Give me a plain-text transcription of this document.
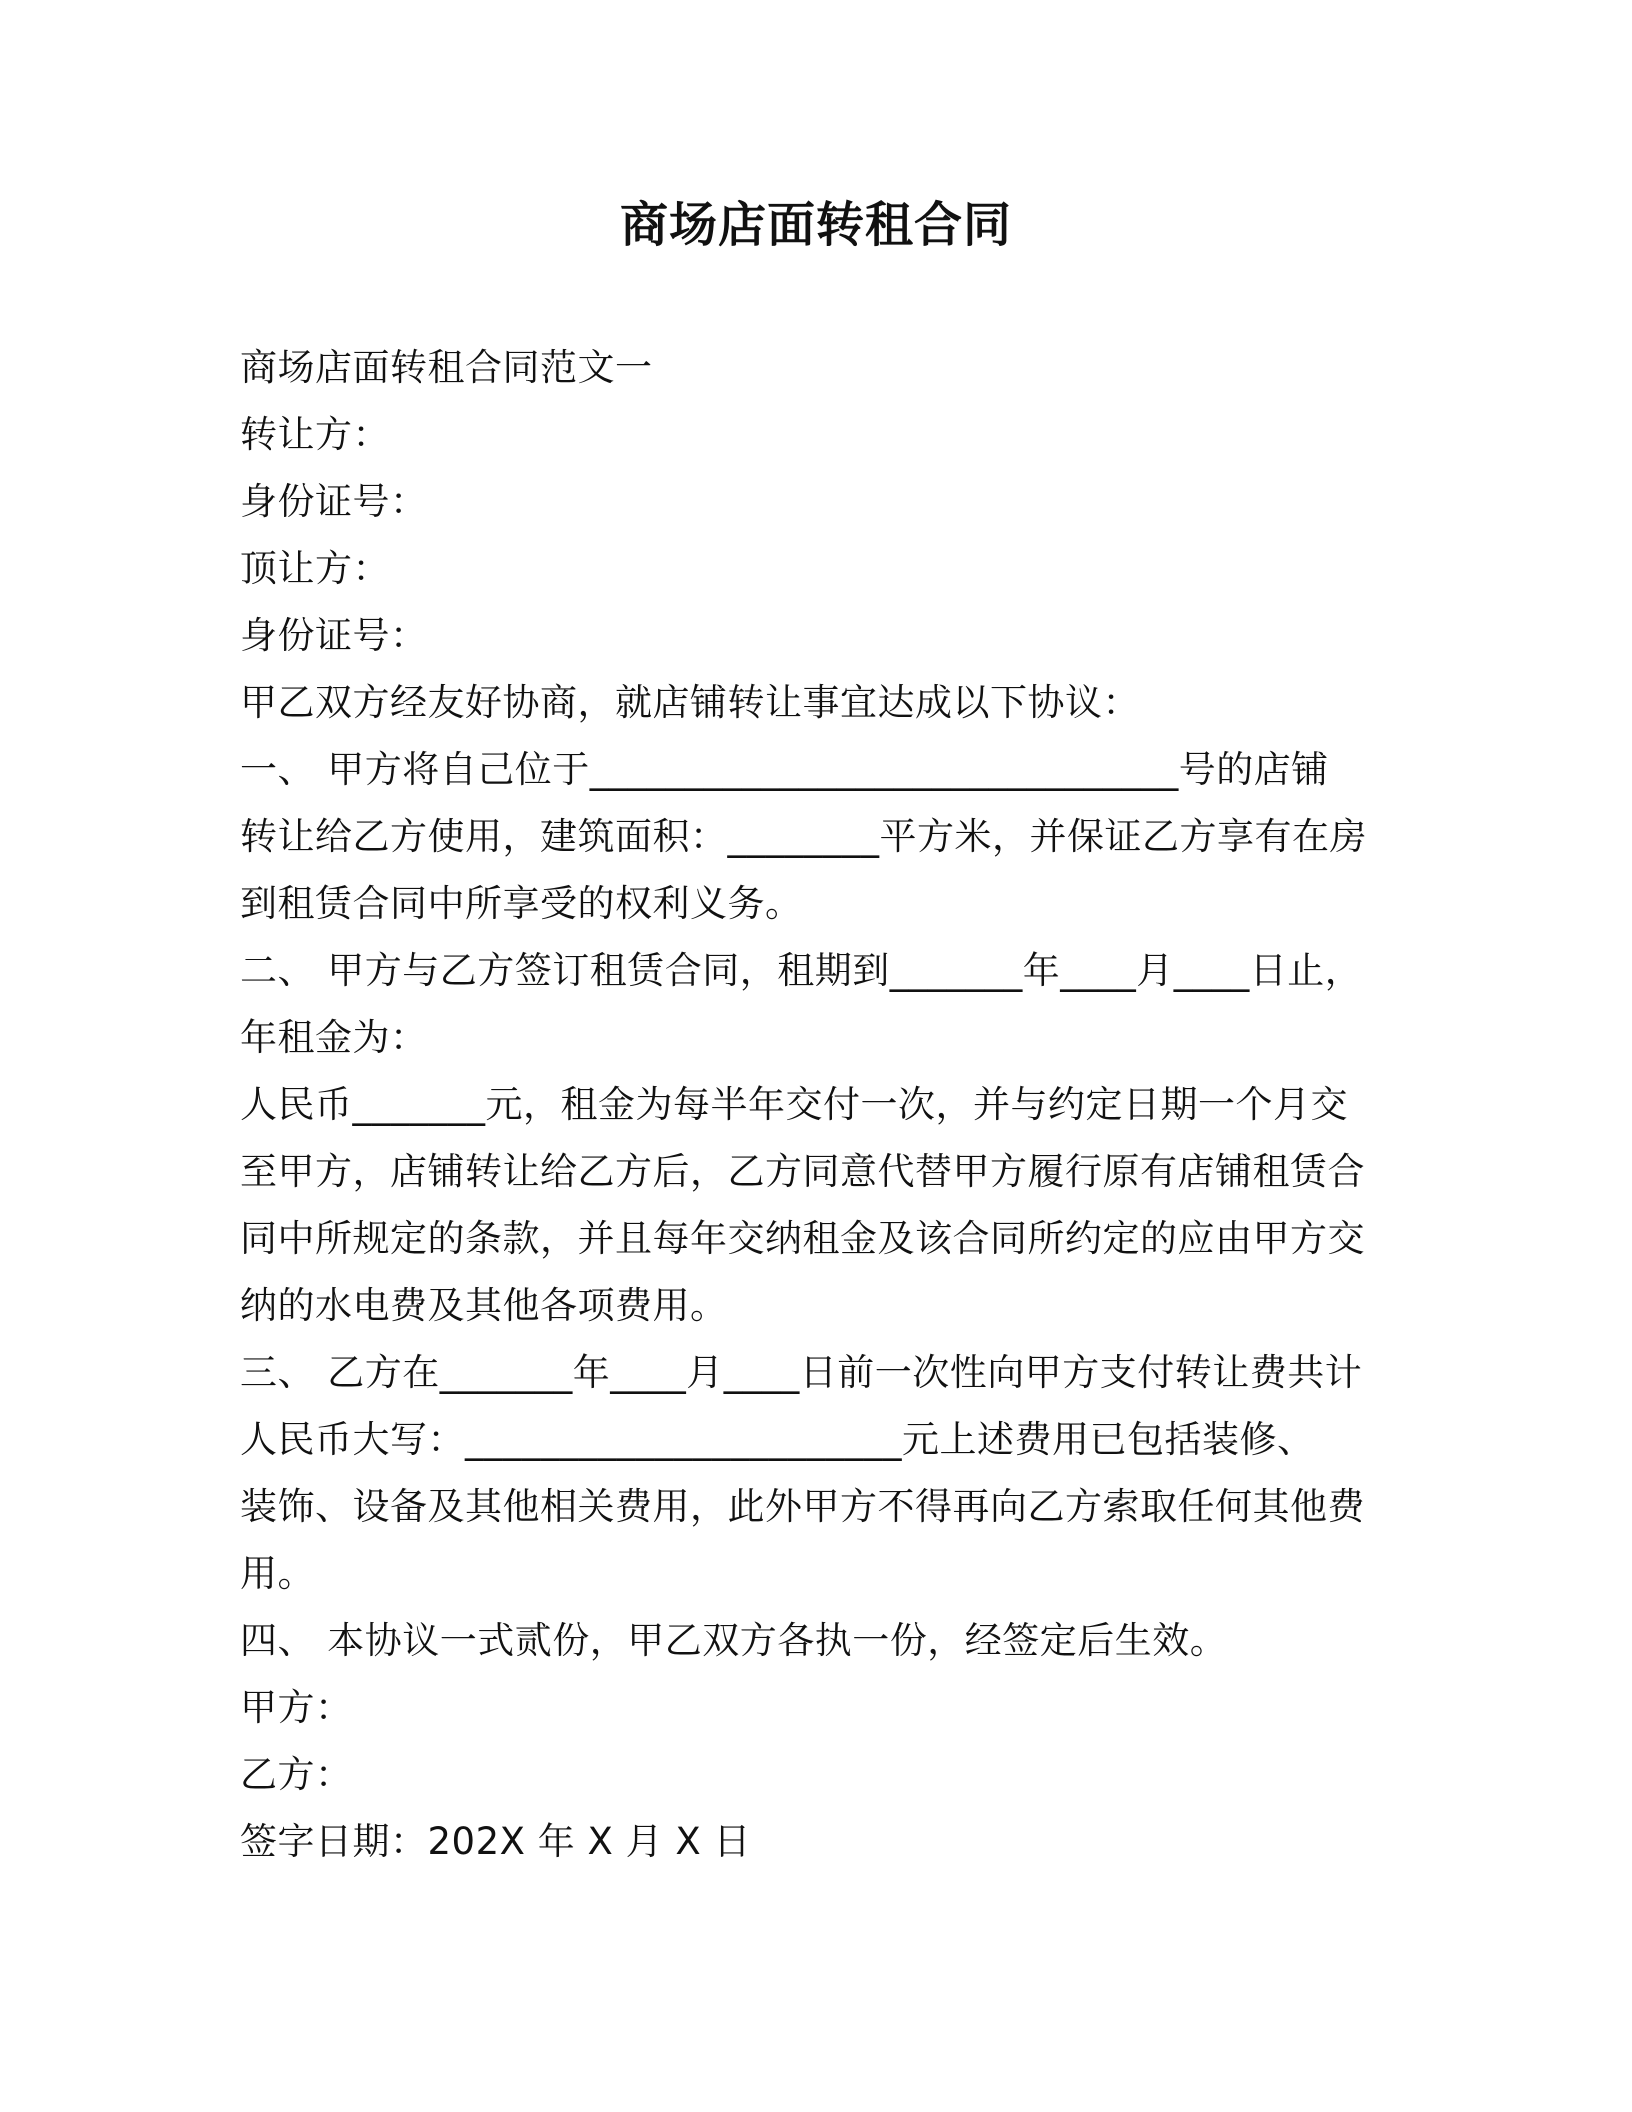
商场店面转租合同
商场店面转租合同范文一
转让方：
身份证号：
顶让方：
身份证号：
甲乙双方经友好协商，就店铺转让事宜达成以下协议：
一、 甲方将自己位于_______________________________号的店铺
转让给乙方使用，建筑面积：________平方米，并保证乙方享有在房
到租赁合同中所享受的权利义务。
二、 甲方与乙方签订租赁合同，租期到_______年____月____日止，
年租金为：
人民币_______元，租金为每半年交付一次，并与约定日期一个月交
至甲方，店铺转让给乙方后，乙方同意代替甲方履行原有店铺租赁合
同中所规定的条款，并且每年交纳租金及该合同所约定的应由甲方交
纳的水电费及其他各项费用。
三、 乙方在_______年____月____日前一次性向甲方支付转让费共计
人民币大写：_______________________元上述费用已包括装修、
装饰、设备及其他相关费用，此外甲方不得再向乙方索取任何其他费
用。
四、 本协议一式贰份，甲乙双方各执一份，经签定后生效。
甲方：
乙方：
签字日期：202X 年 X 月 X 日
